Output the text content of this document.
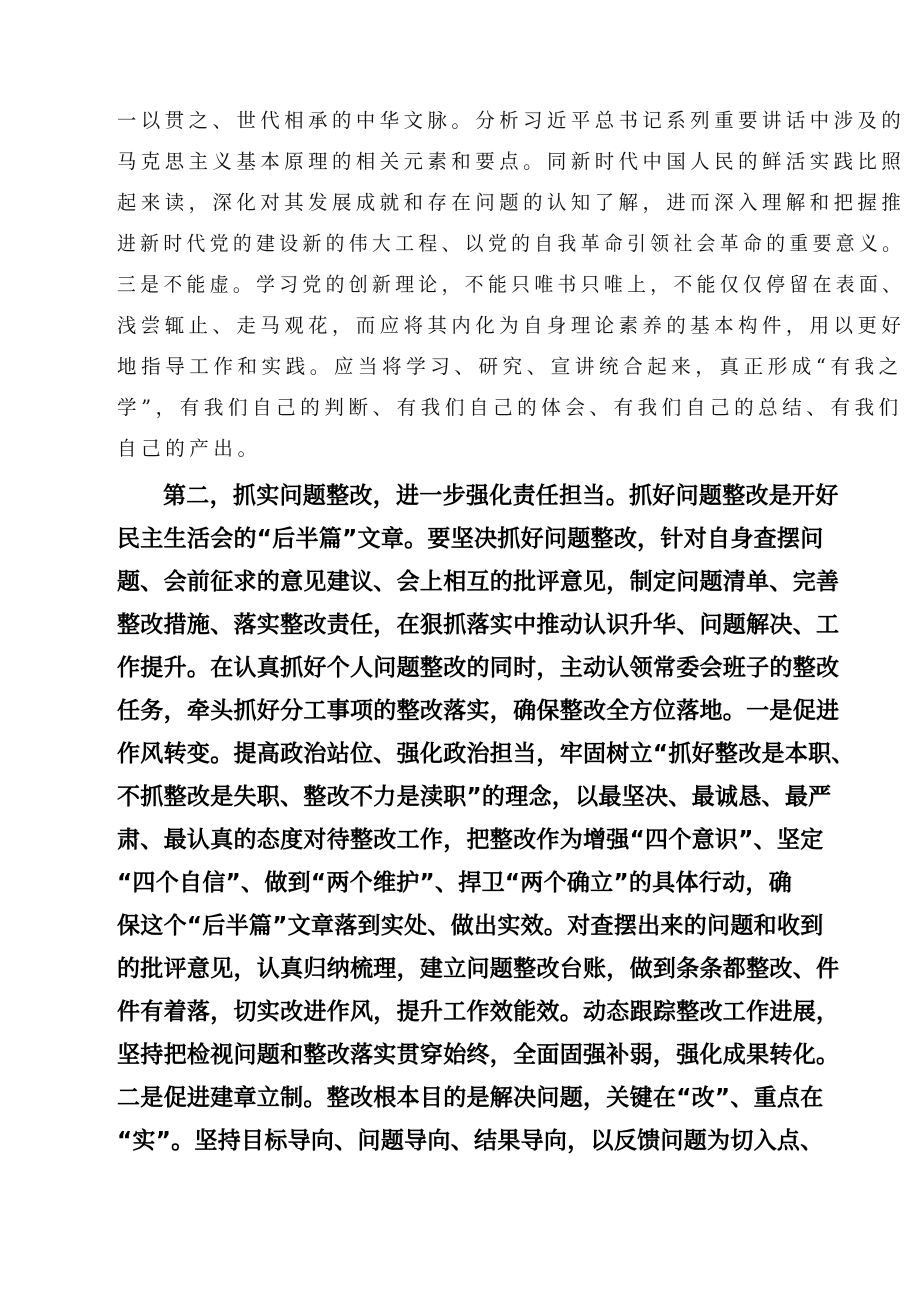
一以贯之、世代相承的中华文脉。分析习近平总书记系列重要讲话中涉及的
马克思主义基本原理的相关元素和要点。同新时代中国人民的鲜活实践比照
起来读，深化对其发展成就和存在问题的认知了解，进而深入理解和把握推
进新时代党的建设新的伟大工程、以党的自我革命引领社会革命的重要意义。
三是不能虚。学习党的创新理论，不能只唯书只唯上，不能仅仅停留在表面、
浅尝辄止、走马观花，而应将其内化为自身理论素养的基本构件，用以更好
地指导工作和实践。应当将学习、研究、宣讲统合起来，真正形成“有我之
学”，有我们自己的判断、有我们自己的体会、有我们自己的总结、有我们
自己的产出。
第二，抓实问题整改，进一步强化责任担当。抓好问题整改是开好
民主生活会的“后半篇”文章。要坚决抓好问题整改，针对自身查摆问
题、会前征求的意见建议、会上相互的批评意见，制定问题清单、完善
整改措施、落实整改责任，在狠抓落实中推动认识升华、问题解决、工
作提升。在认真抓好个人问题整改的同时，主动认领常委会班子的整改
任务，牵头抓好分工事项的整改落实，确保整改全方位落地。一是促进
作风转变。提高政治站位、强化政治担当，牢固树立“抓好整改是本职、
不抓整改是失职、整改不力是渎职”的理念，以最坚决、最诚恳、最严
肃、最认真的态度对待整改工作，把整改作为增强“四个意识”、坚定
“四个自信”、做到“两个维护”、捍卫“两个确立”的具体行动，确
保这个“后半篇”文章落到实处、做出实效。对查摆出来的问题和收到
的批评意见，认真归纳梳理，建立问题整改台账，做到条条都整改、件
件有着落，切实改进作风，提升工作效能效。动态跟踪整改工作进展，
坚持把检视问题和整改落实贯穿始终，全面固强补弱，强化成果转化。
二是促进建章立制。整改根本目的是解决问题，关键在“改”、重点在
“实”。坚持目标导向、问题导向、结果导向，以反馈问题为切入点、
